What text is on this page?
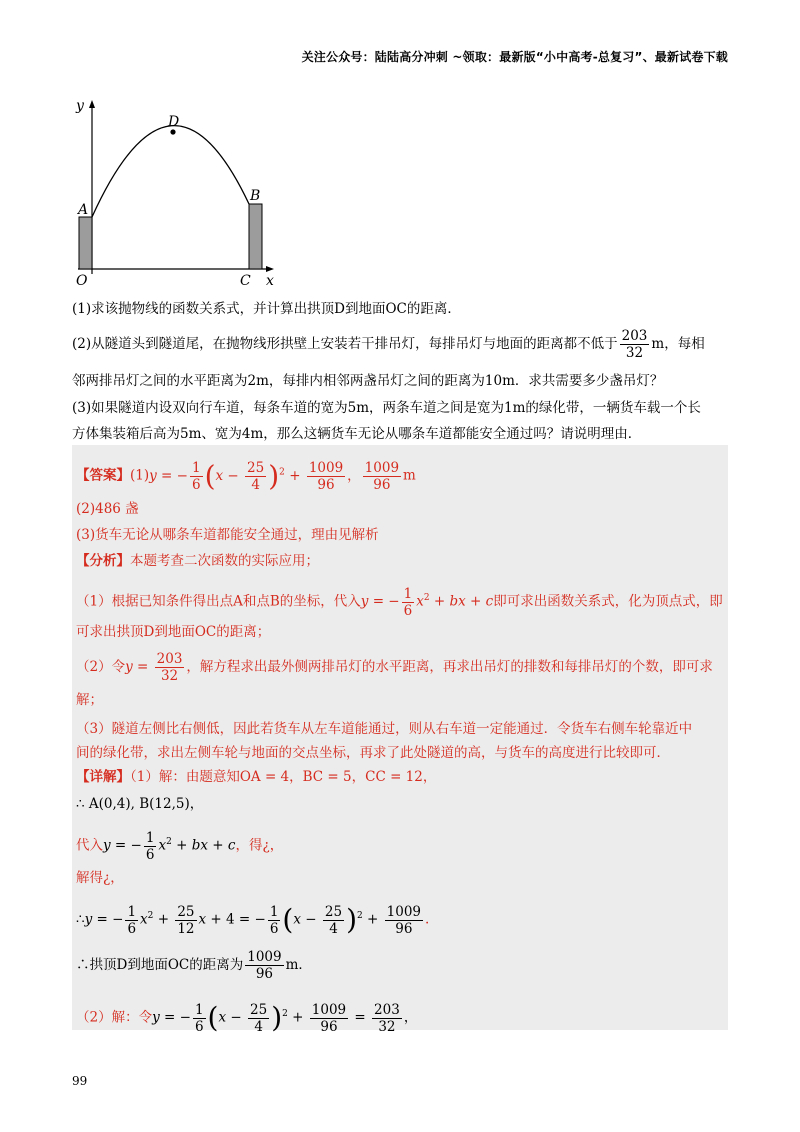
关注公众号：陆陆高分冲刺 ~领取：最新版“小中高考-总复习”、最新试卷下载
y
D
A
B
O	C x
(1)求该抛物线的函数关系式，并计算出拱顶D到地面OC的距离．
(2)从隧道头到隧道尾，在抛物线形拱壁上安装若干排吊灯，每排吊灯与地面的距离都不低于 $\frac{203}{32}$ m，每相
邻两排吊灯之间的水平距离为2m，每排内相邻两盏吊灯之间的距离为10m．求共需要多少盏吊灯？
(3)如果隧道内设双向行车道，每条车道的宽为5m，两条车道之间是宽为1m的绿化带，一辆货车载一个长
方体集装箱后高为5m、宽为4m，那么这辆货车无论从哪条车道都能安全通过吗？请说明理由．
【答案】(1)y = − $\frac{1}{6} (x - \frac{25}{4} )^2 + \frac{1009}{96}$ ， $\frac{1009}{96}$ m
(2)486 盏
(3)货车无论从哪条车道都能安全通过，理由见解析
【分析】本题考查二次函数的实际应用；
（1）根据已知条件得出点A和点B的坐标，代入y = − $\frac{1}{6} x^2$ + bx + c即可求出函数关系式，化为顶点式，即
可求出拱顶D到地面OC的距离；
（2）令$y = \frac{203}{32}$ ，解方程求出最外侧两排吊灯的水平距离，再求出吊灯的排数和每排吊灯的个数，即可求
解；
（3）隧道左侧比右侧低，因此若货车从左车道能通过，则从右车道一定能通过．令货车右侧车轮靠近中
间的绿化带，求出左侧车轮与地面的交点坐标，再求了此处隧道的高，与货车的高度进行比较即可．
【详解】（1）解：由题意知OA = 4，BC = 5，CC = 12，
∴ A(0,4), B(12,5)，
代入y = − $\frac{1}{6} x^2$ + bx + c，得¿，
解得¿，
∴y = − $\frac{1}{6} x^2 + \frac{25}{12}$ x + 4 = − $\frac{1}{6} (x - \frac{25}{4} )^2 + \frac{1009}{96}$ .
∴拱顶D到地面OC的距离为 $\frac{1009}{96}$ m．
（2）解：令y = − $\frac{1}{6} (x - \frac{25}{4} )^2 + \frac{1009}{96} = \frac{203}{32}$ ，
99
